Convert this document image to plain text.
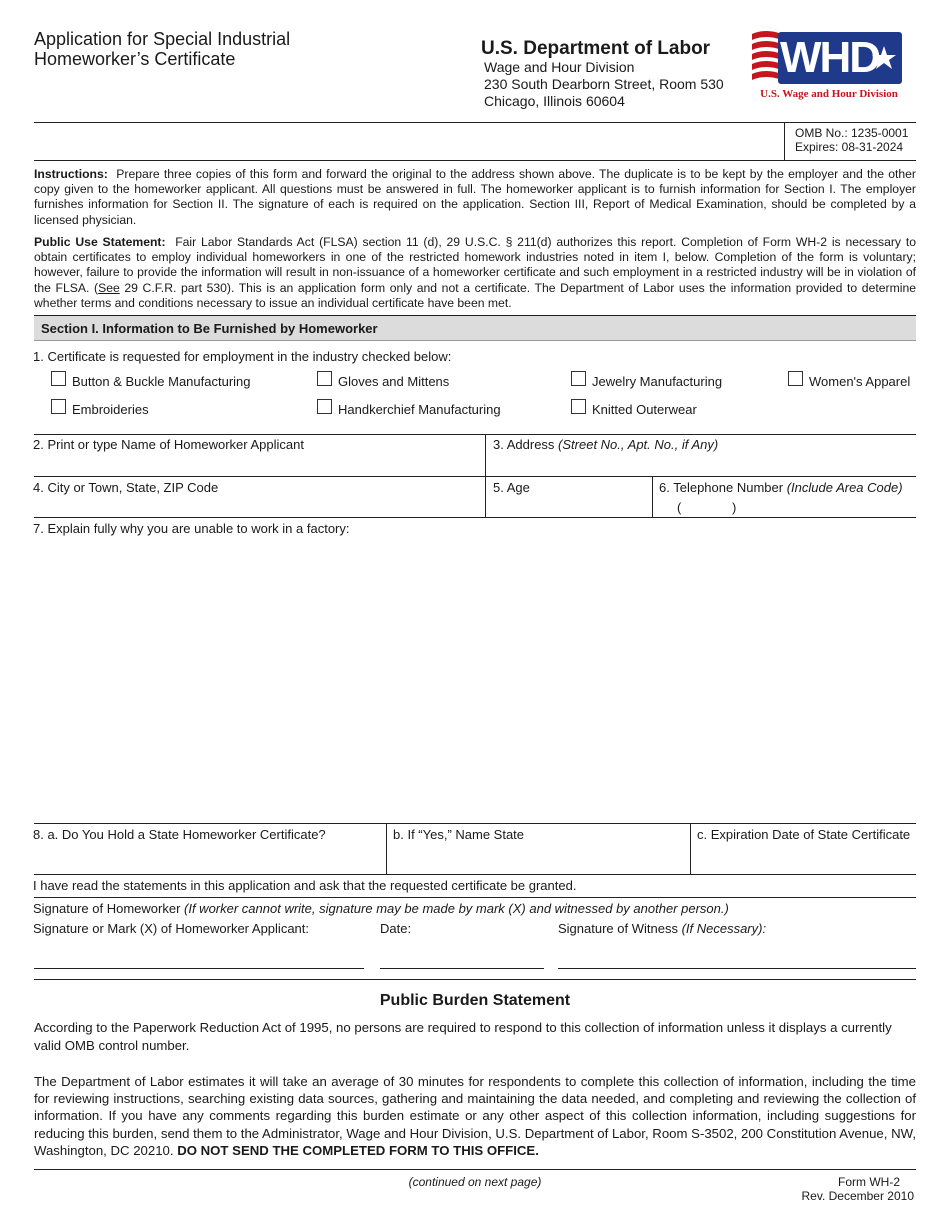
Application for Special Industrial
Homeworker’s Certificate	U.S. Department of Labor
Wage and Hour Division
230 South Dearborn Street, Room 530
Chicago, Illinois 60604
WHD
U.S. Wage and Hour Division
OMB No.: 1235-0001
Expires: 08-31-2024
Instructions: Prepare three copies of this form and forward the original to the address shown above. The duplicate is to be kept by the employer and the other copy given to the homeworker applicant. All questions must be answered in full. The homeworker applicant is to furnish information for Section I. The employer furnishes information for Section II. The signature of each is required on the application. Section III, Report of Medical Examination, should be completed by a licensed physician.
Public Use Statement: Fair Labor Standards Act (FLSA) section 11 (d), 29 U.S.C. § 211(d) authorizes this report. Completion of Form WH-2 is necessary to obtain certificates to employ individual homeworkers in one of the restricted homework industries noted in item I, below. Completion of the form is voluntary; however, failure to provide the information will result in non-issuance of a homeworker certificate and such employment in a restricted industry will be in violation of the FLSA. (See 29 C.F.R. part 530). This is an application form only and not a certificate. The Department of Labor uses the information provided to determine whether terms and conditions necessary to issue an individual certificate have been met.
Section I. Information to Be Furnished by Homeworker
1. Certificate is requested for employment in the industry checked below:
Button & Buckle Manufacturing	Gloves and Mittens	Jewelry Manufacturing	Women's Apparel
Embroideries	Handkerchief Manufacturing	Knitted Outerwear
2. Print or type Name of Homeworker Applicant	3. Address (Street No., Apt. No., if Any)
4. City or Town, State, ZIP Code	5. Age	6. Telephone Number (Include Area Code)
(	)
7. Explain fully why you are unable to work in a factory:
8. a. Do You Hold a State Homeworker Certificate?	b. If “Yes,” Name State	c. Expiration Date of State Certificate
I have read the statements in this application and ask that the requested certificate be granted.
Signature of Homeworker (If worker cannot write, signature may be made by mark (X) and witnessed by another person.)
Signature or Mark (X) of Homeworker Applicant:	Date:	Signature of Witness (If Necessary):
Public Burden Statement
According to the Paperwork Reduction Act of 1995, no persons are required to respond to this collection of information unless it displays a currently valid OMB control number.
The Department of Labor estimates it will take an average of 30 minutes for respondents to complete this collection of information, including the time for reviewing instructions, searching existing data sources, gathering and maintaining the data needed, and completing and reviewing the collection of information. If you have any comments regarding this burden estimate or any other aspect of this collection information, including suggestions for reducing this burden, send them to the Administrator, Wage and Hour Division, U.S. Department of Labor, Room S-3502, 200 Constitution Avenue, NW, Washington, DC 20210. DO NOT SEND THE COMPLETED FORM TO THIS OFFICE.
(continued on next page)	Form WH-2
Rev. December 2010
